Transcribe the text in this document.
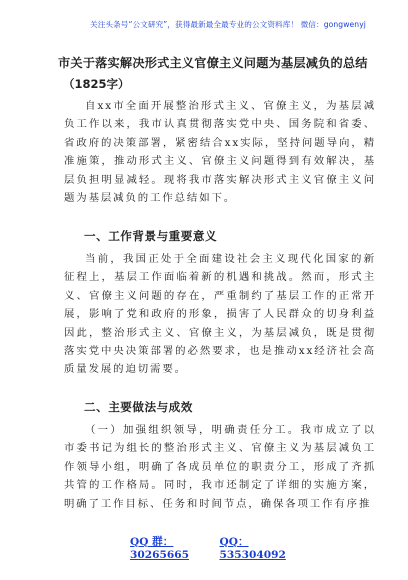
关注头条号“公文研究”，获得最新最全最专业的公文资料库！ 微信：gongwenyj
市关于落实解决形式主义官僚主义问题为基层减负的总结
（1825字）

自xx市全面开展整治形式主义、官僚主义，为基层减负工作以来，我市认真贯彻落实党中央、国务院和省委、省政府的决策部署，紧密结合xx实际，坚持问题导向，精准施策，推动形式主义、官僚主义问题得到有效解决，基层负担明显减轻。现将我市落实解决形式主义官僚主义问题为基层减负的工作总结如下。

一、工作背景与重要意义

当前，我国正处于全面建设社会主义现代化国家的新征程上，基层工作面临着新的机遇和挑战。然而，形式主义、官僚主义问题的存在，严重制约了基层工作的正常开展，影响了党和政府的形象，损害了人民群众的切身利益因此，整治形式主义、官僚主义，为基层减负，既是贯彻落实党中央决策部署的必然要求，也是推动xx经济社会高质量发展的迫切需要。

二、主要做法与成效

（一）加强组织领导，明确责任分工。我市成立了以市委书记为组长的整治形式主义、官僚主义为基层减负工作领导小组，明确了各成员单位的职责分工，形成了齐抓共管的工作格局。同时，我市还制定了详细的实施方案，明确了工作目标、任务和时间节点，确保各项工作有序推

QQ 群： 30265665
QQ：535304092
